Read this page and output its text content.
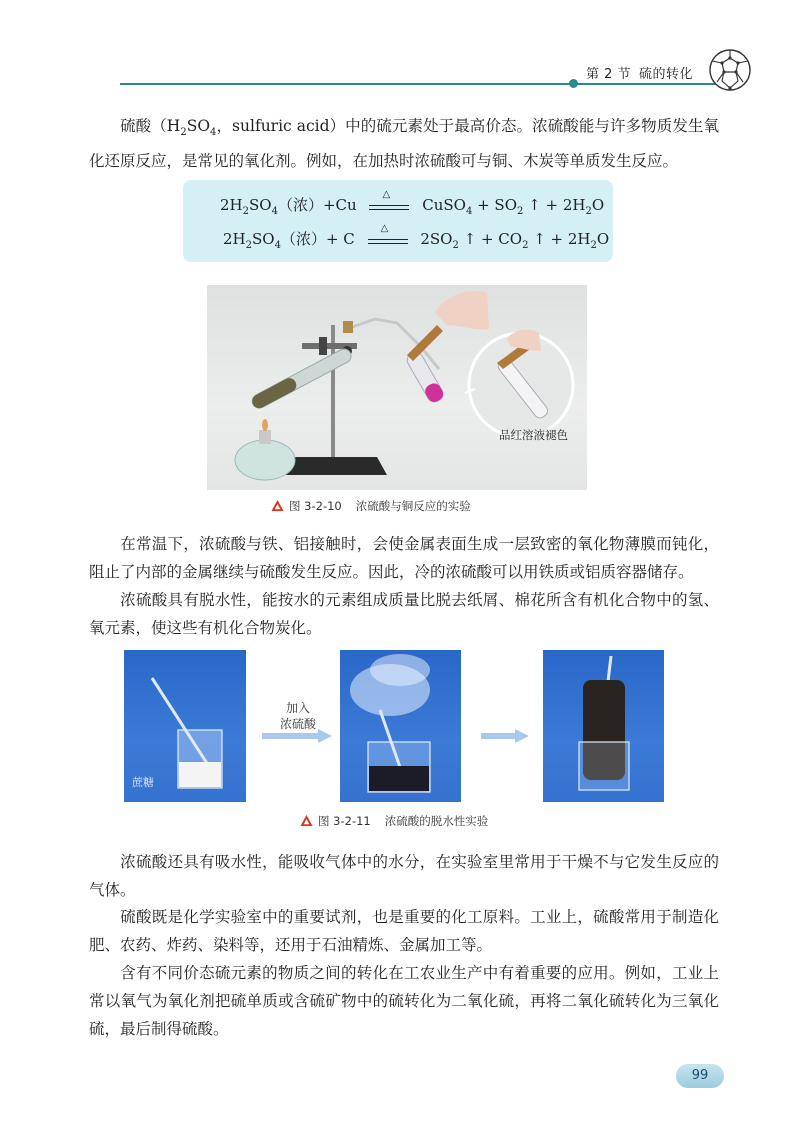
第 2 节 硫的转化
硫酸（$H_2SO_4$，sulfuric acid）中的硫元素处于最高价态。浓硫酸能与许多物质发生氧化还原反应，是常见的氧化剂。例如，在加热时浓硫酸可与铜、木炭等单质发生反应。
$2H_2SO_4$（浓）+Cu
△
CuSO$_4$ + $SO_2$ ↑ + $2H_2O$
$2H_2SO_4$（浓）+ C
△
$2SO_2$ ↑ + $CO_2$ ↑ + $2H_2O$
品红溶液褪色
图 3-2-10 浓硫酸与铜反应的实验
在常温下，浓硫酸与铁、铝接触时，会使金属表面生成一层致密的氧化物薄膜而钝化，阻止了内部的金属继续与硫酸发生反应。因此，冷的浓硫酸可以用铁质或铝质容器储存。
浓硫酸具有脱水性，能按水的元素组成质量比脱去纸屑、棉花所含有机化合物中的氢、氧元素，使这些有机化合物炭化。
蔗糖
加入
浓硫酸
图 3-2-11 浓硫酸的脱水性实验
浓硫酸还具有吸水性，能吸收气体中的水分，在实验室里常用于干燥不与它发生反应的气体。
硫酸既是化学实验室中的重要试剂，也是重要的化工原料。工业上，硫酸常用于制造化肥、农药、炸药、染料等，还用于石油精炼、金属加工等。
含有不同价态硫元素的物质之间的转化在工农业生产中有着重要的应用。例如，工业上常以氧气为氧化剂把硫单质或含硫矿物中的硫转化为二氧化硫，再将二氧化硫转化为三氧化硫，最后制得硫酸。
99
